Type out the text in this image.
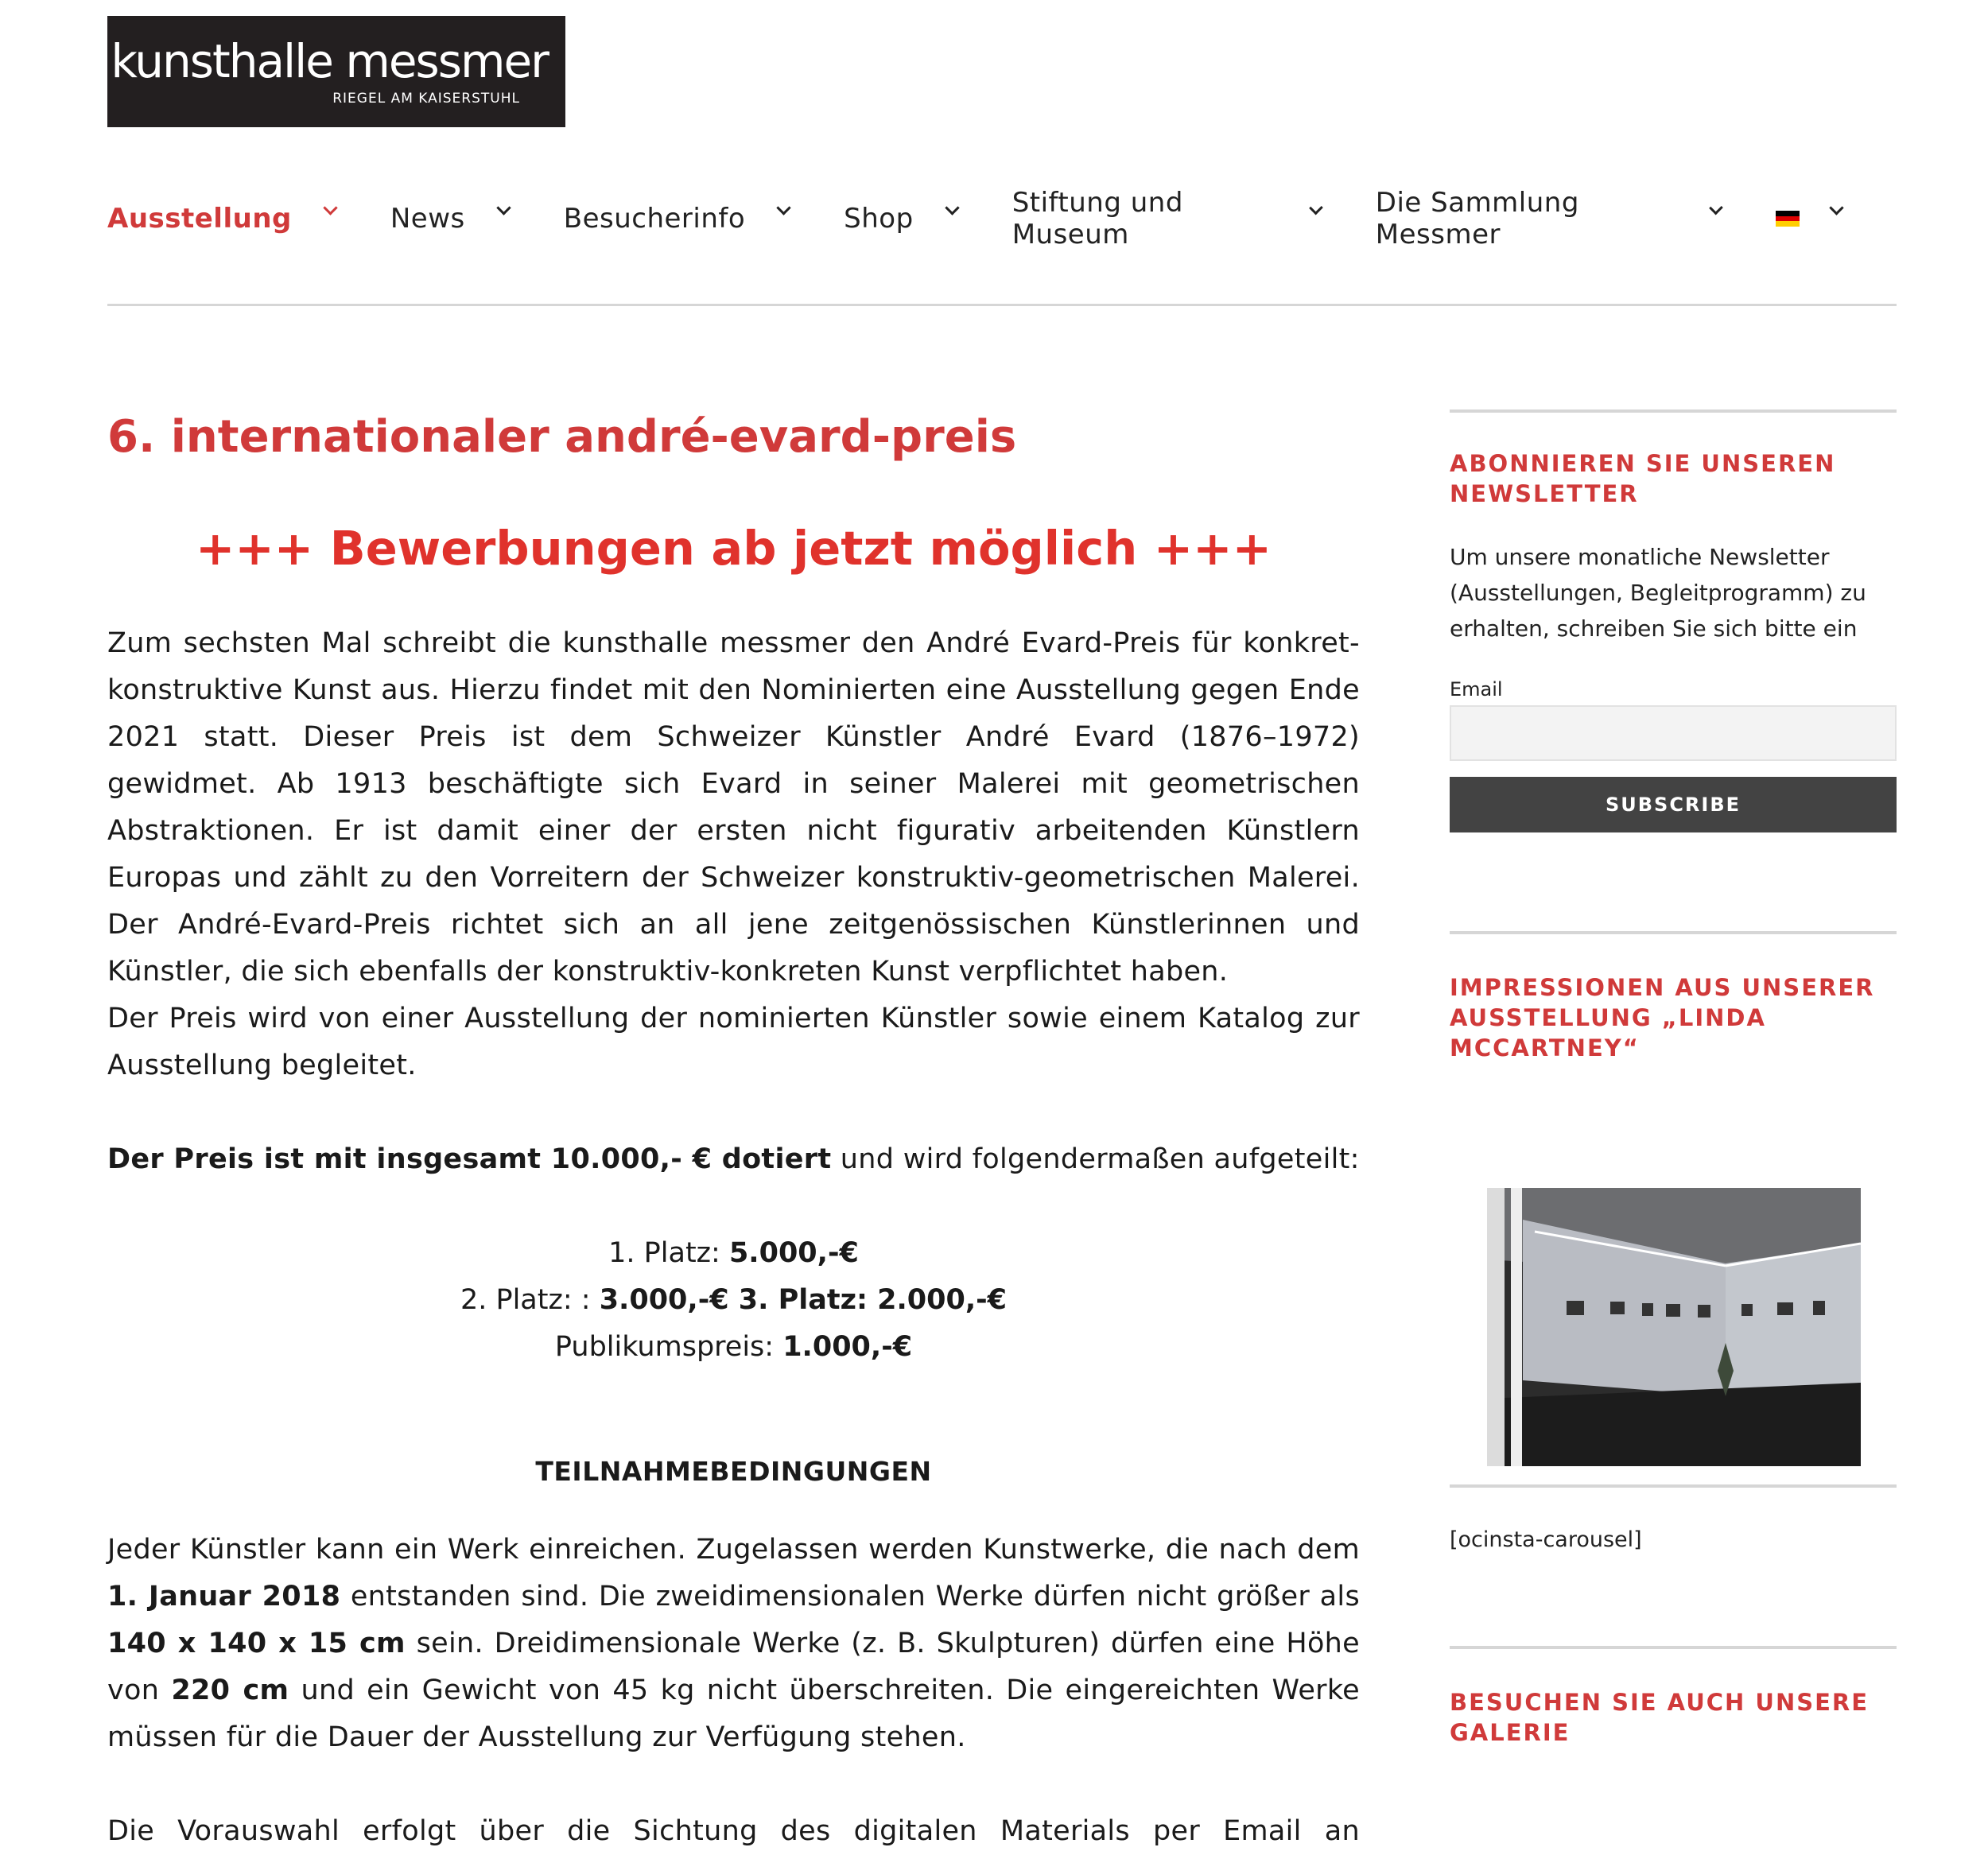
kunsthalle messmer
RIEGEL AM KAISERSTUHL
Ausstellung	News	Besucherinfo	Shop	Stiftung und Museum
Die Sammlung Messmer
6. internationaler andré-evard-preis
+++ Bewerbungen ab jetzt möglich +++

Zum sechsten Mal schreibt die kunsthalle messmer den André Evard-Preis für konkret-konstruktive Kunst aus. Hierzu findet mit den Nominierten eine Ausstellung gegen Ende 2021 statt. Dieser Preis ist dem Schweizer Künstler André Evard (1876–1972) gewidmet. Ab 1913 beschäftigte sich Evard in seiner Malerei mit geometrischen Abstraktionen. Er ist damit einer der ersten nicht figurativ arbeitenden Künstlern Europas und zählt zu den Vorreitern der Schweizer konstruktiv-geometrischen Malerei. Der André-Evard-Preis richtet sich an all jene zeitgenössischen Künstlerinnen und Künstler, die sich ebenfalls der konstruktiv-konkreten Kunst verpflichtet haben.

Der Preis wird von einer Ausstellung der nominierten Künstler sowie einem Katalog zur Ausstellung begleitet.

Der Preis ist mit insgesamt 10.000,- € dotiert und wird folgendermaßen aufgeteilt:

1. Platz: 5.000,-€
2. Platz: : 3.000,-€ 3. Platz: 2.000,-€
Publikumspreis: 1.000,-€
TEILNAHMEBEDINGUNGEN

Jeder Künstler kann ein Werk einreichen. Zugelassen werden Kunstwerke, die nach dem 1. Januar 2018 entstanden sind. Die zweidimensionalen Werke dürfen nicht größer als 140 x 140 x 15 cm sein. Dreidimensionale Werke (z. B. Skulpturen) dürfen eine Höhe von 220 cm und ein Gewicht von 45 kg nicht überschreiten. Die eingereichten Werke müssen für die Dauer der Ausstellung zur Verfügung stehen.

Die Vorauswahl erfolgt über die Sichtung des digitalen Materials per Email an

ABONNIEREN SIE UNSEREN NEWSLETTER
Um unsere monatliche Newsletter (Ausstellungen, Begleitprogramm) zu erhalten, schreiben Sie sich bitte ein
Email
SUBSCRIBE
IMPRESSIONEN AUS UNSERER AUSSTELLUNG „LINDA MCCARTNEY“
[ocinsta-carousel]
BESUCHEN SIE AUCH UNSERE GALERIE
